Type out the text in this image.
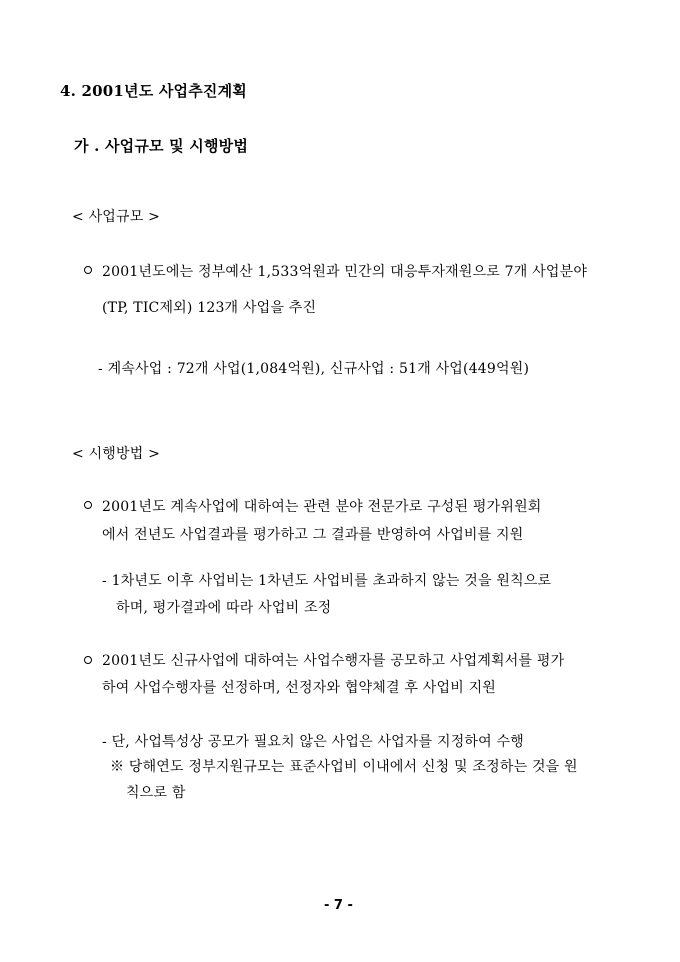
4. 2001년도 사업추진계획
가 . 사업규모 및 시행방법
< 사업규모 >
2001년도에는 정부예산 1,533억원과 민간의 대응투자재원으로 7개 사업분야
(TP, TIC제외) 123개 사업을 추진
- 계속사업 : 72개 사업(1,084억원), 신규사업 : 51개 사업(449억원)
< 시행방법 >
2001년도 계속사업에 대하여는 관련 분야 전문가로 구성된 평가위원회
에서 전년도 사업결과를 평가하고 그 결과를 반영하여 사업비를 지원
- 1차년도 이후 사업비는 1차년도 사업비를 초과하지 않는 것을 원칙으로
하며, 평가결과에 따라 사업비 조정
2001년도 신규사업에 대하여는 사업수행자를 공모하고 사업계획서를 평가
하여 사업수행자를 선정하며, 선정자와 협약체결 후 사업비 지원
- 단, 사업특성상 공모가 필요치 않은 사업은 사업자를 지정하여 수행
※ 당해연도 정부지원규모는 표준사업비 이내에서 신청 및 조정하는 것을 원
칙으로 함
- 7 -
